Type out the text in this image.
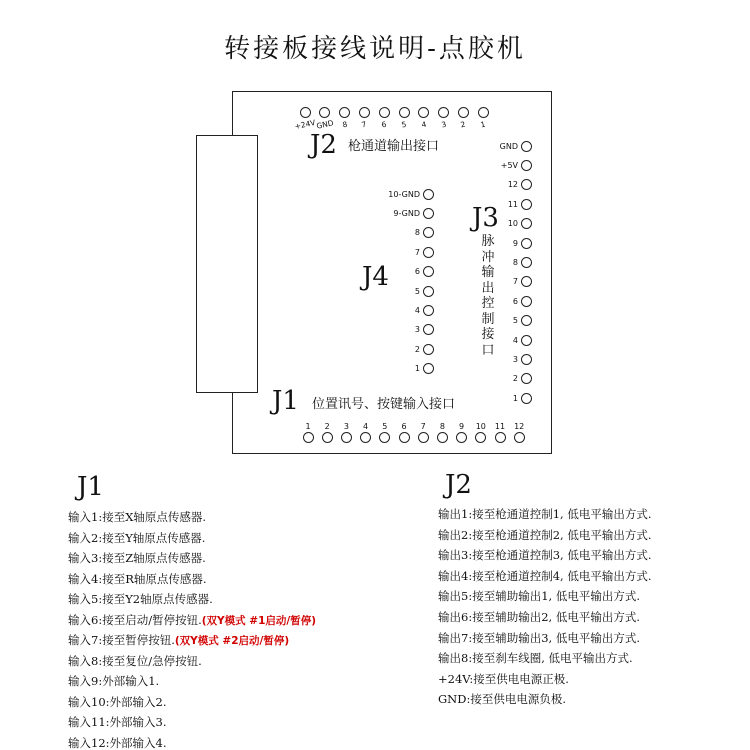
转接板接线说明-点胶机
+24V GND 8	7	6	5	4	3	2	1
GND
+5V
12
11
10
9
8
7
6
5
4
3
2
1
10-GND
9-GND
8
7
6
5
4
3
2
1
1	2	3	4	5	6	7	8	9	10	11	12
J2 枪通道输出接口
J3
脉
冲
输
出
控
制
接
口
J4
J1 位置讯号、按键输入接口
J1
输入1:接至X轴原点传感器.
输入2:接至Y轴原点传感器.
输入3:接至Z轴原点传感器.
输入4:接至R轴原点传感器.
输入5:接至Y2轴原点传感器.
输入6:接至启动/暂停按钮.(双Y模式 #1启动/暂停)
输入7:接至暂停按钮.(双Y模式 #2启动/暂停)
输入8:接至复位/急停按钮.
输入9:外部输入1.
输入10:外部输入2.
输入11:外部输入3.
输入12:外部输入4.
J2
输出1:接至枪通道控制1, 低电平输出方式.
输出2:接至枪通道控制2, 低电平输出方式.
输出3:接至枪通道控制3, 低电平输出方式.
输出4:接至枪通道控制4, 低电平输出方式.
输出5:接至辅助输出1, 低电平输出方式.
输出6:接至辅助输出2, 低电平输出方式.
输出7:接至辅助输出3, 低电平输出方式.
输出8:接至刹车线圈, 低电平输出方式.
+24V:接至供电电源正极.
GND:接至供电电源负极.
